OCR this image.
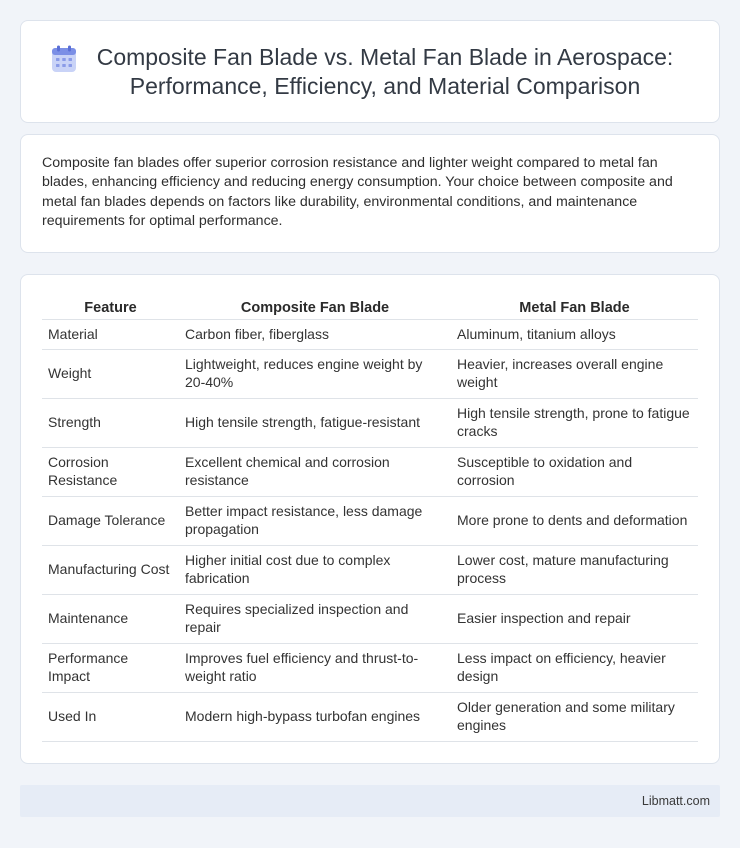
Composite Fan Blade vs. Metal Fan Blade in Aerospace: Performance, Efficiency, and Material Comparison

Composite fan blades offer superior corrosion resistance and lighter weight compared to metal fan blades, enhancing efficiency and reducing energy consumption. Your choice between composite and metal fan blades depends on factors like durability, environmental conditions, and maintenance requirements for optimal performance.

Feature	Composite Fan Blade	Metal Fan Blade
Material	Carbon fiber, fiberglass	Aluminum, titanium alloys
Weight	Lightweight, reduces engine weight by 20-40%	Heavier, increases overall engine weight
Strength	High tensile strength, fatigue-resistant	High tensile strength, prone to fatigue cracks
Corrosion Resistance	Excellent chemical and corrosion resistance	Susceptible to oxidation and corrosion
Damage Tolerance	Better impact resistance, less damage propagation	More prone to dents and deformation
Manufacturing Cost	Higher initial cost due to complex fabrication	Lower cost, mature manufacturing process
Maintenance	Requires specialized inspection and repair	Easier inspection and repair
Performance Impact	Improves fuel efficiency and thrust-to-weight ratio	Less impact on efficiency, heavier design
Used In	Modern high-bypass turbofan engines	Older generation and some military engines
Libmatt.com
